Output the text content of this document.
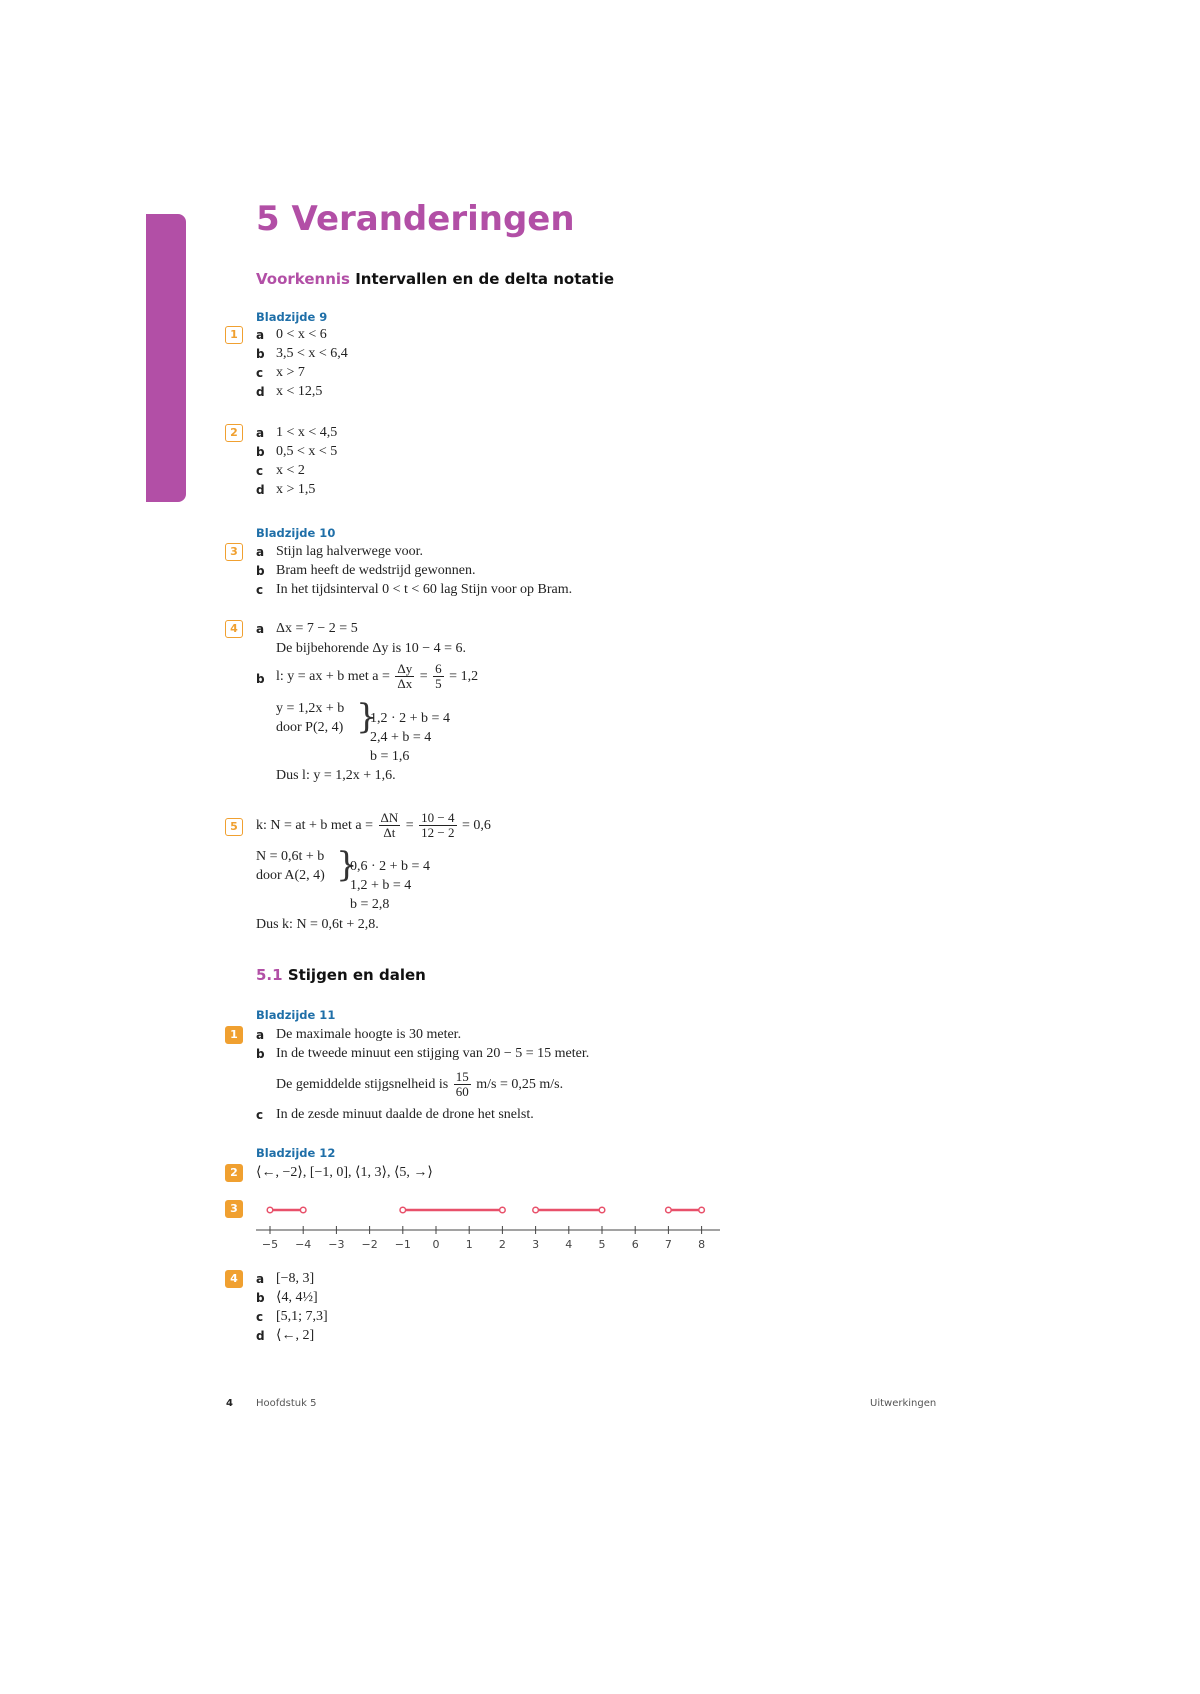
5 Veranderingen
Voorkennis Intervallen en de delta notatie
Bladzijde 9
1	a 0 < x < 6
b 3,5 < x < 6,4
c x > 7
d x < 12,5
2	a 1 < x < 4,5
b 0,5 < x < 5
c x < 2
d x > 1,5
Bladzijde 10
3	a Stijn lag halverwege voor.
b Bram heeft de wedstrijd gewonnen.
c In het tijdsinterval 0 < t < 60 lag Stijn voor op Bram.
4	a Δx = 7 − 2 = 5
De bijbehorende Δy is 10 − 4 = 6.
b l: y = ax + b met $a = \frac{\Delta y}{\Delta x} = \frac{6}{5} = 1,2$
y = 1,2x + b
door P(2, 4) }
1,2 · 2 + b = 4
2,4 + b = 4
b = 1,6
Dus l: y = 1,2x + 1,6.
5	k: N = at + b met $a = \frac{\Delta N}{\Delta t} = \frac{10 - 4}{12 - 2} = 0,6$
N = 0,6t + b
door A(2, 4) }
0,6 · 2 + b = 4
1,2 + b = 4
b = 2,8
Dus k: N = 0,6t + 2,8.
5.1 Stijgen en dalen
Bladzijde 11
1	a De maximale hoogte is 30 meter.
b In de tweede minuut een stijging van 20 − 5 = 15 meter.
De gemiddelde stijgsnelheid is $\frac{15}{60} m/s = 0,25$ m/s.
c In de zesde minuut daalde de drone het snelst.
Bladzijde 12
2	⟨←, −2⟩, [−1, 0], ⟨1, 3⟩, ⟨5, →⟩
3
−5 −4 −3 −2 −1 0 1 2 3 4 5 6 7 8
4	a [−8, 3]
b ⟨4, 4½]
c [5,1; 7,3]
d ⟨←, 2]
4 Hoofdstuk 5	Uitwerkingen
